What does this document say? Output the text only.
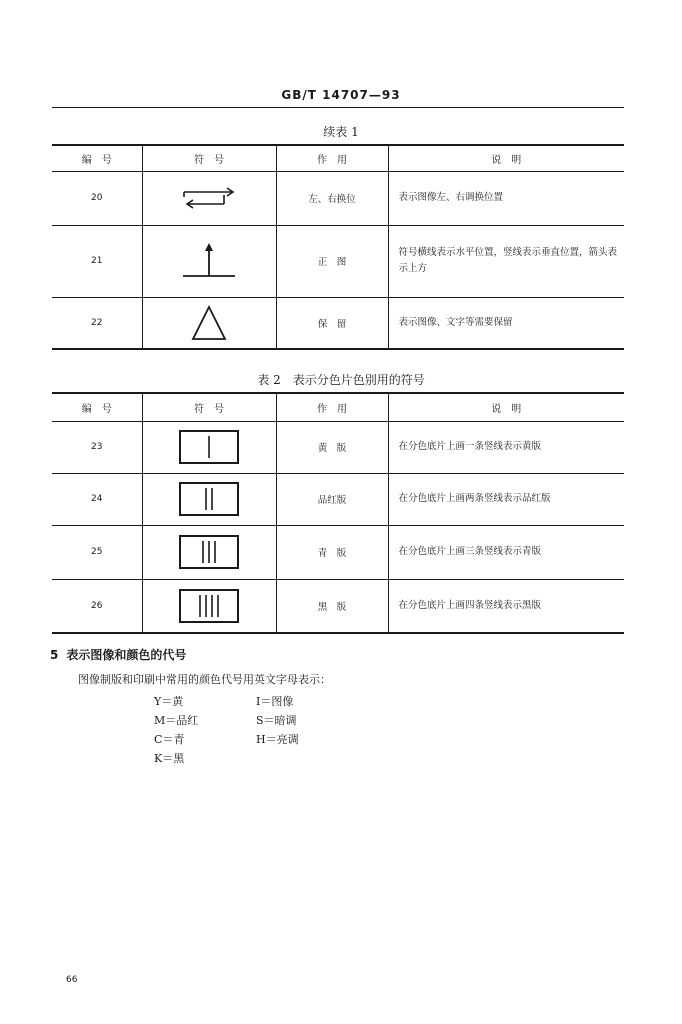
GB/T 14707—93
续表 1
编　号	符　号	作　用	说　明
20		左、右换位	表示图像左、右调换位置
21		正　图	符号横线表示水平位置，竖线表示垂直位置，箭头表示上方
22		保　留	表示图像、文字等需要保留
表 2　表示分色片色别用的符号
编　号	符　号	作　用	说　明
23		黄　版	在分色底片上画一条竖线表示黄版
24		品红版	在分色底片上画两条竖线表示品红版
25		青　版	在分色底片上画三条竖线表示青版
26		黑　版	在分色底片上画四条竖线表示黑版
5 表示图像和颜色的代号
图像制版和印刷中常用的颜色代号用英文字母表示：
Y＝黄
M＝品红
C＝青
K＝黑
I＝图像
S＝暗调
H＝亮调
66
